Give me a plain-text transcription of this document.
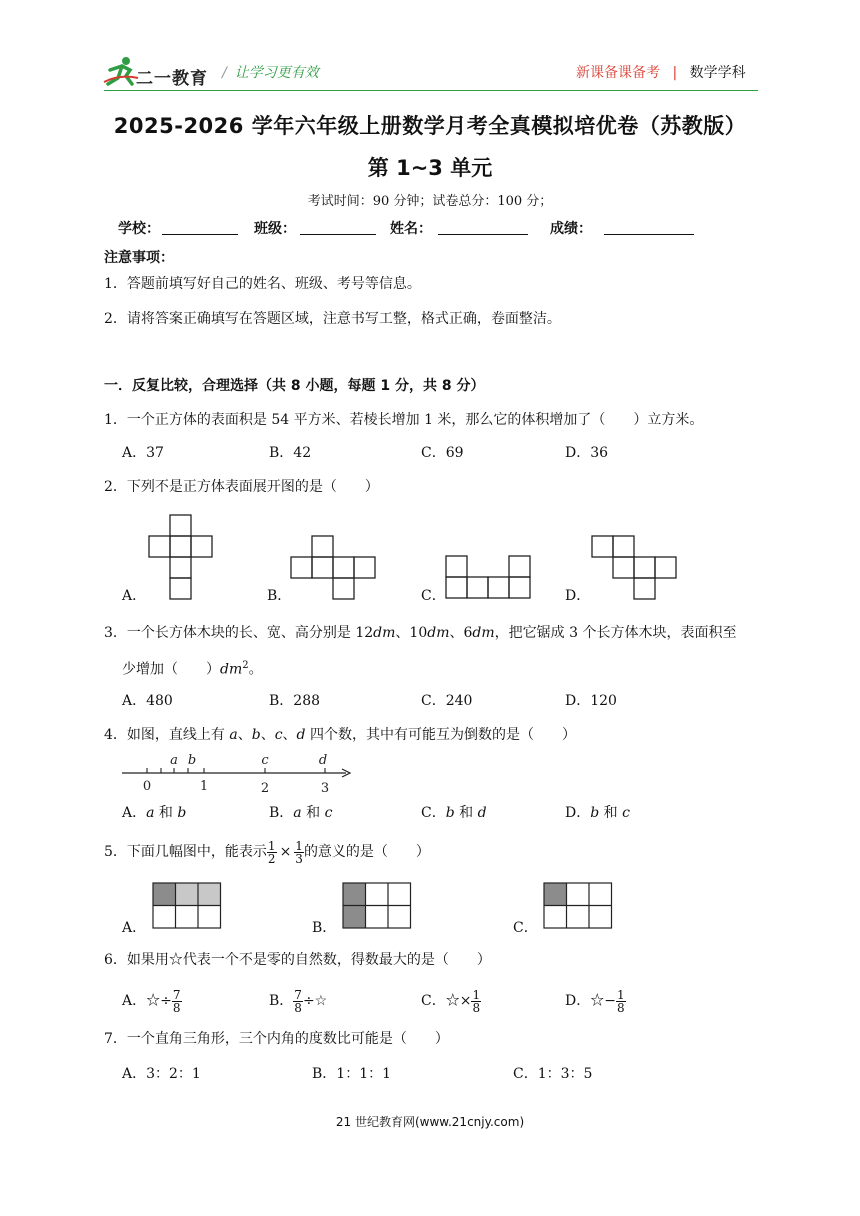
二一教育 / 让学习更有效	新课备课备考 | 数学学科
2025-2026 学年六年级上册数学月考全真模拟培优卷（苏教版）
第 1~3 单元
考试时间：90 分钟；试卷总分：100 分；
学校：	班级：	姓名：	成绩：
注意事项：
1．答题前填写好自己的姓名、班级、考号等信息。
2．请将答案正确填写在答题区域，注意书写工整，格式正确，卷面整洁。
一．反复比较，合理选择（共 8 小题，每题 1 分，共 8 分）
1．一个正方体的表面积是 54 平方米、若棱长增加 1 米，那么它的体积增加了（　　）立方米。
A．37	B．42	C．69	D．36
2．下列不是正方体表面展开图的是（　　）
A．	B．	C．	D．
3．一个长方体木块的长、宽、高分别是 12dm、10dm、6dm，把它锯成 3 个长方体木块，表面积至
少增加（　　）$dm^2$。
A．480	B．288	C．240	D．120
4．如图，直线上有 a、b、c、d 四个数，其中有可能互为倒数的是（　　）
a b	c	d
0	1	2	3
A．a 和 b	B．a 和 c	C．b 和 d	D．b 和 c
5．下面几幅图中，能表示 $\frac{1}{2} \times \frac{1}{3}$ 的意义的是（　　）
A．	B．	C．
6．如果用☆代表一个不是零的自然数，得数最大的是（　　）
A．☆÷ $\frac{7}{8}$	B． $\frac{7}{8}$ ÷☆	C．☆× $\frac{1}{8}$	D．☆− $\frac{1}{8}$
7．一个直角三角形，三个内角的度数比可能是（　　）
A．3：2：1	B．1：1：1	C．1：3：5
21 世纪教育网(www.21cnjy.com)
